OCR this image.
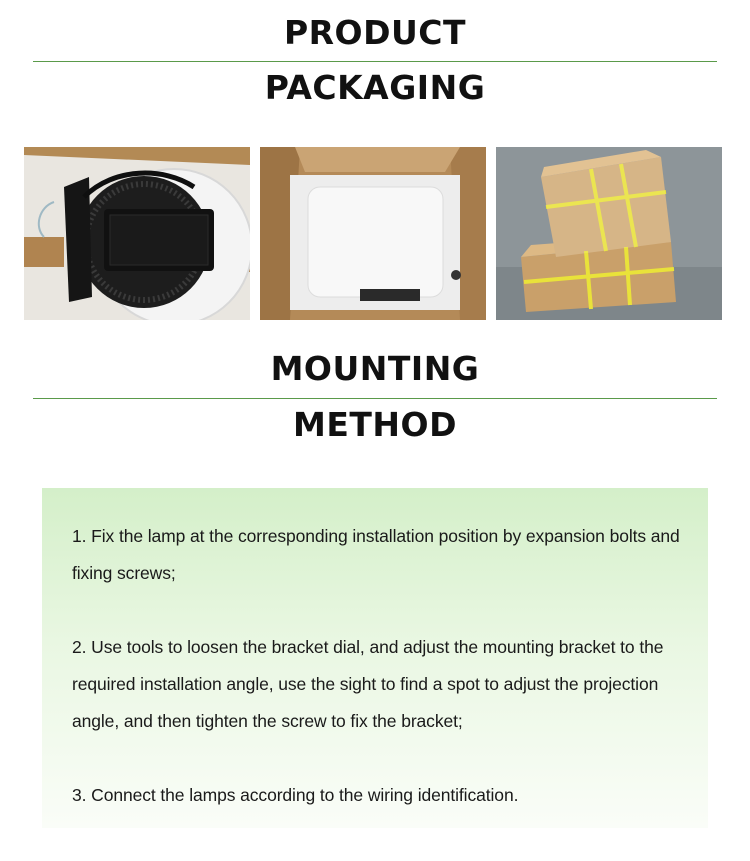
PRODUCT
PACKAGING
MOUNTING
METHOD
1. Fix the lamp at the corresponding installation position by expansion bolts and fixing screws;
2. Use tools to loosen the bracket dial, and adjust the mounting bracket to the required installation angle, use the sight to find a spot to adjust the projection angle, and then tighten the screw to fix the bracket;
3. Connect the lamps according to the wiring identification.
